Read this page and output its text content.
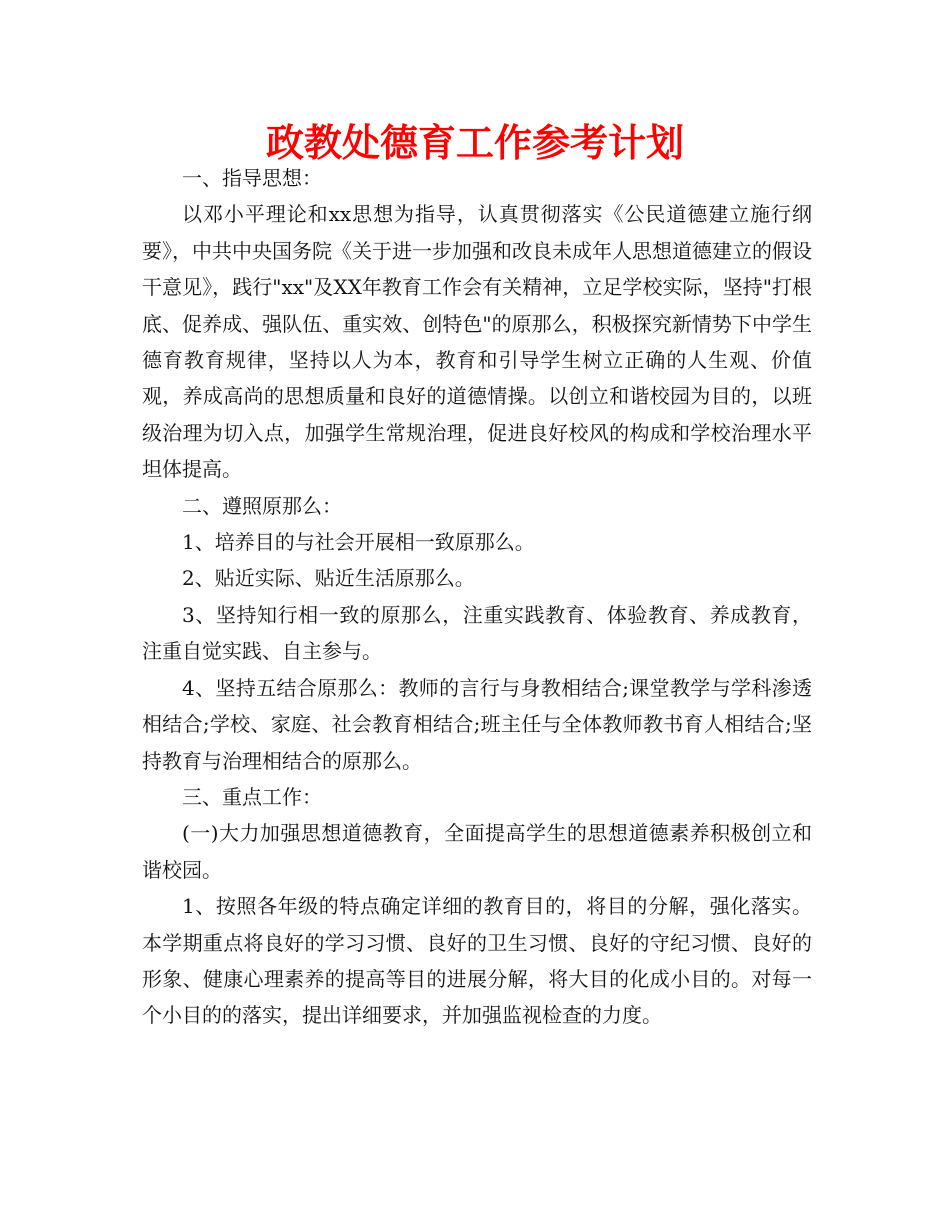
政教处德育工作参考计划

一、指导思想：

以邓小平理论和xx思想为指导，认真贯彻落实《公民道德建立施行纲要》，中共中央国务院《关于进一步加强和改良未成年人思想道德建立的假设干意见》，践行"xx"及XX年教育工作会有关精神，立足学校实际，坚持"打根底、促养成、强队伍、重实效、创特色"的原那么，积极探究新情势下中学生德育教育规律，坚持以人为本，教育和引导学生树立正确的人生观、价值观，养成高尚的思想质量和良好的道德情操。以创立和谐校园为目的，以班级治理为切入点，加强学生常规治理，促进良好校风的构成和学校治理水平坦体提高。

二、遵照原那么：

1、培养目的与社会开展相一致原那么。

2、贴近实际、贴近生活原那么。

3、坚持知行相一致的原那么，注重实践教育、体验教育、养成教育，注重自觉实践、自主参与。

4、坚持五结合原那么：教师的言行与身教相结合;课堂教学与学科渗透相结合;学校、家庭、社会教育相结合;班主任与全体教师教书育人相结合;坚持教育与治理相结合的原那么。

三、重点工作：

(一)大力加强思想道德教育，全面提高学生的思想道德素养积极创立和谐校园。

1、按照各年级的特点确定详细的教育目的，将目的分解，强化落实。本学期重点将良好的学习习惯、良好的卫生习惯、良好的守纪习惯、良好的形象、健康心理素养的提高等目的进展分解，将大目的化成小目的。对每一个小目的的落实，提出详细要求，并加强监视检查的力度。
